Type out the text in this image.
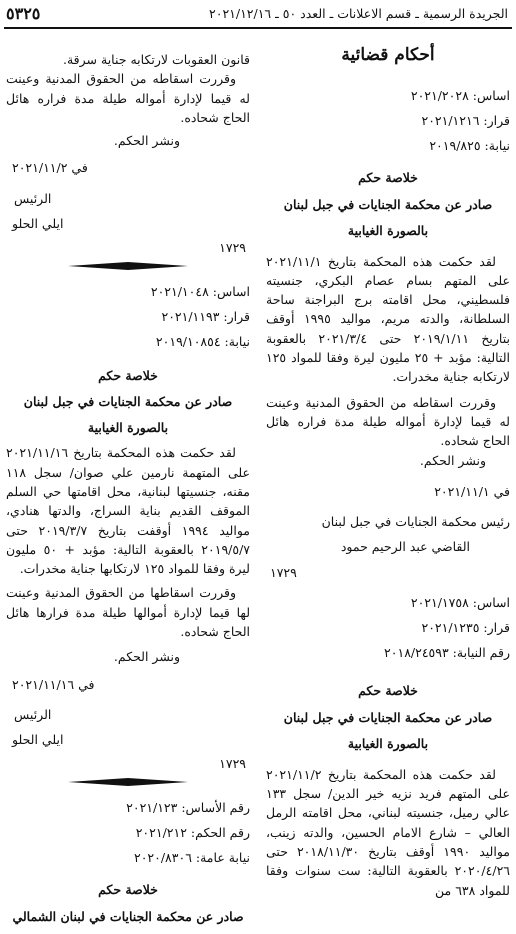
الجريدة الرسمية ـ قسم الاعلانات ـ العدد ٥٠ ـ ٢٠٢١/١٢/١٦
٥٣٢٥
أحكام قضائية

اساس: ٢٠٢١/٢٠٢٨

قرار: ٢٠٢١/١٢١٦

نيابة: ٢٠١٩/٨٢٥

خلاصة حكم
صادر عن محكمة الجنايات في جبل لبنان
بالصورة الغيابية

لقد حكمت هذه المحكمة بتاريخ ٢٠٢١/١١/١ على المتهم بسام عصام البكري، جنسيته فلسطيني، محل اقامته برج البراجنة ساحة السلطانة، والدته مريم، مواليد ١٩٩٥ أوقف بتاريخ ٢٠١٩/١/١١ حتى ٢٠٢١/٣/٤ بالعقوبة التالية: مؤبد + ٢٥ مليون ليرة وفقا للمواد ١٢٥ لارتكابه جناية مخدرات.

وقررت اسقاطه من الحقوق المدنية وعينت له قيما لإدارة أمواله طيلة مدة فراره هائل الحاج شحاده.

ونشر الحكم.

في ٢٠٢١/١١/١

رئيس محكمة الجنايات في جبل لبنان

القاضي عبد الرحيم حمود

١٧٢٩

اساس: ٢٠٢١/١٧٥٨

قرار: ٢٠٢١/١٢٣٥

رقم النيابة: ٢٠١٨/٢٤٥٩٣

خلاصة حكم
صادر عن محكمة الجنايات في جبل لبنان
بالصورة الغيابية

لقد حكمت هذه المحكمة بتاريخ ٢٠٢١/١١/٢ على المتهم فريد نزيه خير الدين/ سجل ١٣٣ عالي رميل، جنسيته لبناني، محل اقامته الرمل العالي – شارع الامام الحسين، والدته زينب، مواليد ١٩٩٠ أوقف بتاريخ ٢٠١٨/١١/٣٠ حتى ٢٠٢٠/٤/٢٦ بالعقوبة التالية: ست سنوات وفقا للمواد ٦٣٨ من

قانون العقوبات لارتكابه جناية سرقة.

وقررت اسقاطه من الحقوق المدنية وعينت له قيما لإدارة أمواله طيلة مدة فراره هائل الحاج شحاده.

ونشر الحكم.

في ٢٠٢١/١١/٢

الرئيس

ايلي الحلو

١٧٢٩

اساس: ٢٠٢١/١٠٤٨

قرار: ٢٠٢١/١١٩٣

نيابة: ٢٠١٩/١٠٨٥٤

خلاصة حكم
صادر عن محكمة الجنايات في جبل لبنان
بالصورة الغيابية

لقد حكمت هذه المحكمة بتاريخ ٢٠٢١/١١/١٦ على المتهمة نارمين علي صوان/ سجل ١١٨ مقنه، جنسيتها لبنانية، محل اقامتها حي السلم الموقف القديم بناية السراج، والدتها هنادي، مواليد ١٩٩٤ أوقفت بتاريخ ٢٠١٩/٣/٧ حتى ٢٠١٩/٥/٧ بالعقوبة التالية: مؤبد + ٥٠ مليون ليرة وفقا للمواد ١٢٥ لارتكابها جناية مخدرات.

وقررت اسقاطها من الحقوق المدنية وعينت لها قيما لإدارة أموالها طيلة مدة فرارها هائل الحاج شحاده.

ونشر الحكم.

في ٢٠٢١/١١/١٦

الرئيس

ايلي الحلو

١٧٢٩

رقم الأساس: ٢٠٢١/١٢٣

رقم الحكم: ٢٠٢١/٢١٢

نيابة عامة: ٢٠٢٠/٨٣٠٦

خلاصة حكم
صادر عن محكمة الجنايات في لبنان الشمالي
